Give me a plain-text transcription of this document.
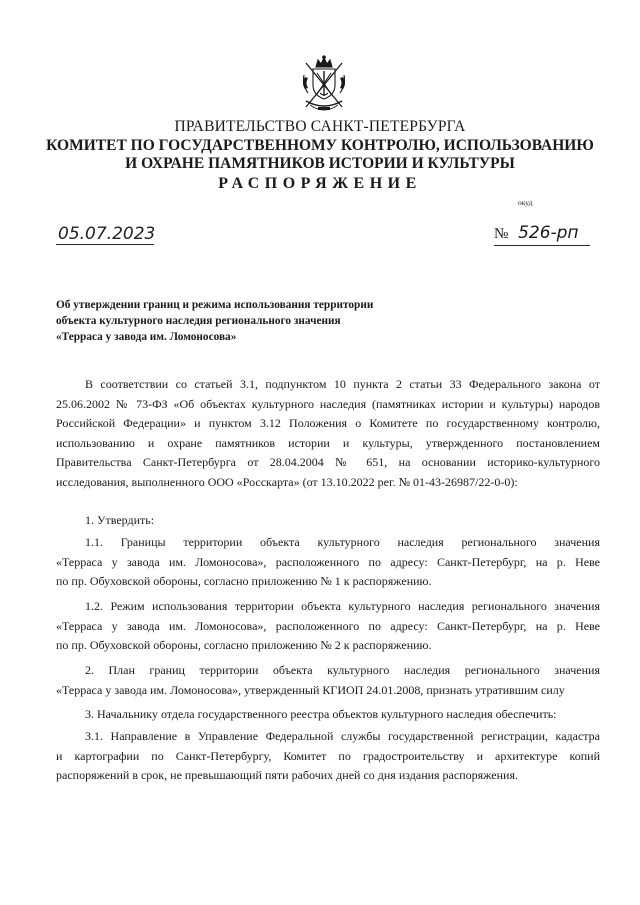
ПРАВИТЕЛЬСТВО САНКТ-ПЕТЕРБУРГА
КОМИТЕТ ПО ГОСУДАРСТВЕННОМУ КОНТРОЛЮ, ИСПОЛЬЗОВАНИЮ
И ОХРАНЕ ПАМЯТНИКОВ ИСТОРИИ И КУЛЬТУРЫ
РАСПОРЯЖЕНИЕ
окуд
05.07.2023	№ 526-рп
Об утверждении границ и режима использования территории
объекта культурного наследия регионального значения
«Терраса у завода им. Ломоносова»
В соответствии со статьей 3.1, подпунктом 10 пункта 2 статьи 33 Федерального закона от
25.06.2002 № 73-ФЗ «Об объектах культурного наследия (памятниках истории и культуры) народов
Российской Федерации» и пунктом 3.12 Положения о Комитете по государственному контролю,
использованию и охране памятников истории и культуры, утвержденного постановлением
Правительства Санкт-Петербурга от 28.04.2004 № 651, на основании историко-культурного
исследования, выполненного ООО «Росскарта» (от 13.10.2022 рег. № 01-43-26987/22-0-0):
1. Утвердить:
1.1. Границы территории объекта культурного наследия регионального значения
«Терраса у завода им. Ломоносова», расположенного по адресу: Санкт-Петербург, на р. Неве
по пр. Обуховской обороны, согласно приложению № 1 к распоряжению.
1.2. Режим использования территории объекта культурного наследия регионального значения
«Терраса у завода им. Ломоносова», расположенного по адресу: Санкт-Петербург, на р. Неве
по пр. Обуховской обороны, согласно приложению № 2 к распоряжению.
2. План границ территории объекта культурного наследия регионального значения
«Терраса у завода им. Ломоносова», утвержденный КГИОП 24.01.2008, признать утратившим силу
3. Начальнику отдела государственного реестра объектов культурного наследия обеспечить:
3.1. Направление в Управление Федеральной службы государственной регистрации, кадастра
и картографии по Санкт-Петербургу, Комитет по градостроительству и архитектуре копий
распоряжений в срок, не превышающий пяти рабочих дней со дня издания распоряжения.
